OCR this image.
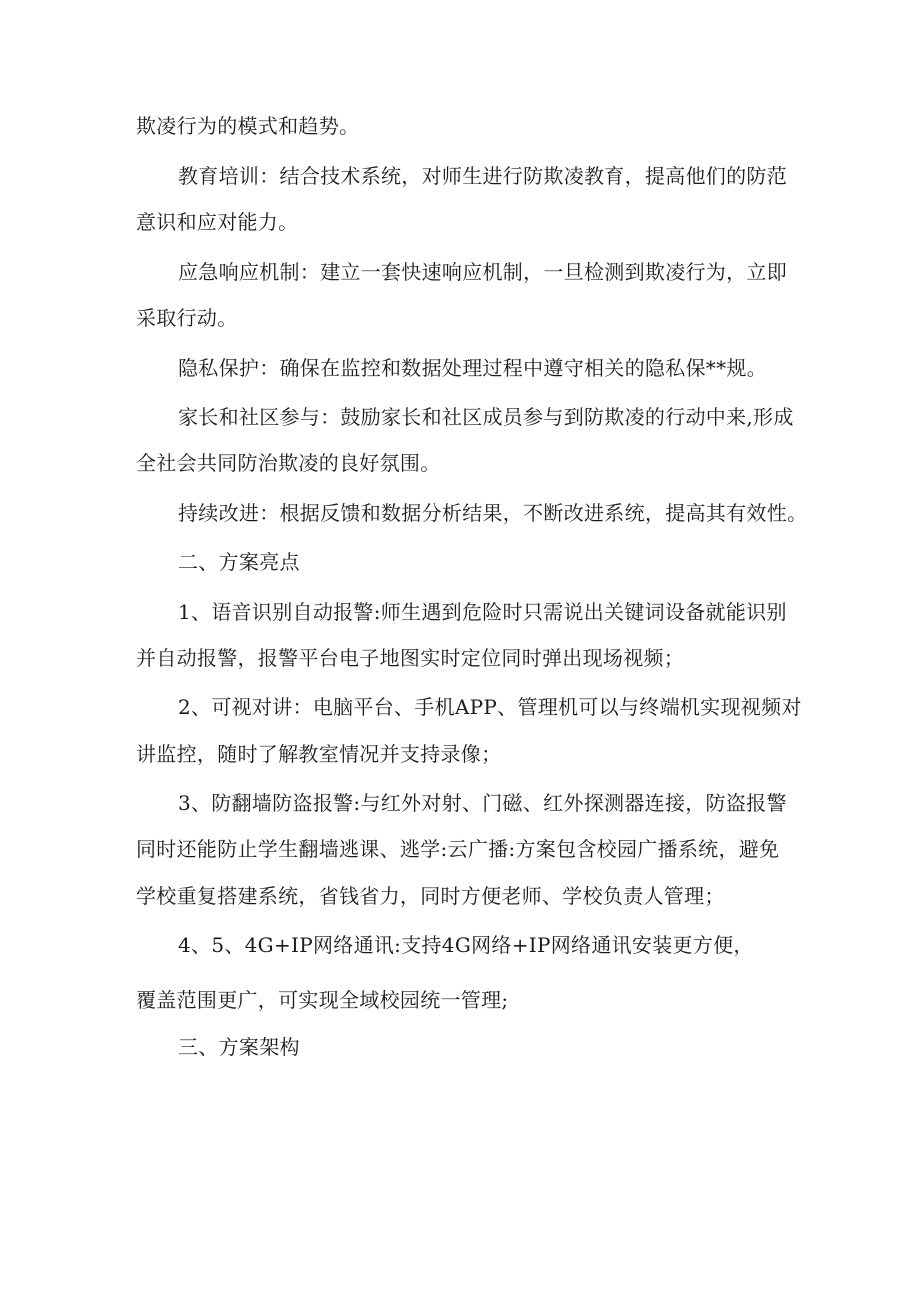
欺凌行为的模式和趋势。
教育培训：结合技术系统，对师生进行防欺凌教育，提高他们的防范
意识和应对能力。
应急响应机制：建立一套快速响应机制，一旦检测到欺凌行为，立即
采取行动。
隐私保护：确保在监控和数据处理过程中遵守相关的隐私保**规。
家长和社区参与：鼓励家长和社区成员参与到防欺凌的行动中来,形成
全社会共同防治欺凌的良好氛围。
持续改进：根据反馈和数据分析结果，不断改进系统，提高其有效性。
二、方案亮点
1、语音识别自动报警:师生遇到危险时只需说出关键词设备就能识别
并自动报警，报警平台电子地图实时定位同时弹出现场视频；
2、可视对讲：电脑平台、手机APP、管理机可以与终端机实现视频对
讲监控，随时了解教室情况并支持录像；
3、防翻墙防盗报警:与红外对射、门磁、红外探测器连接，防盗报警
同时还能防止学生翻墙逃课、逃学:云广播:方案包含校园广播系统，避免
学校重复搭建系统，省钱省力，同时方便老师、学校负责人管理；
4、5、4G+IP网络通讯:支持4G网络+IP网络通讯安装更方便，
覆盖范围更广，可实现全域校园统一管理;
三、方案架构
